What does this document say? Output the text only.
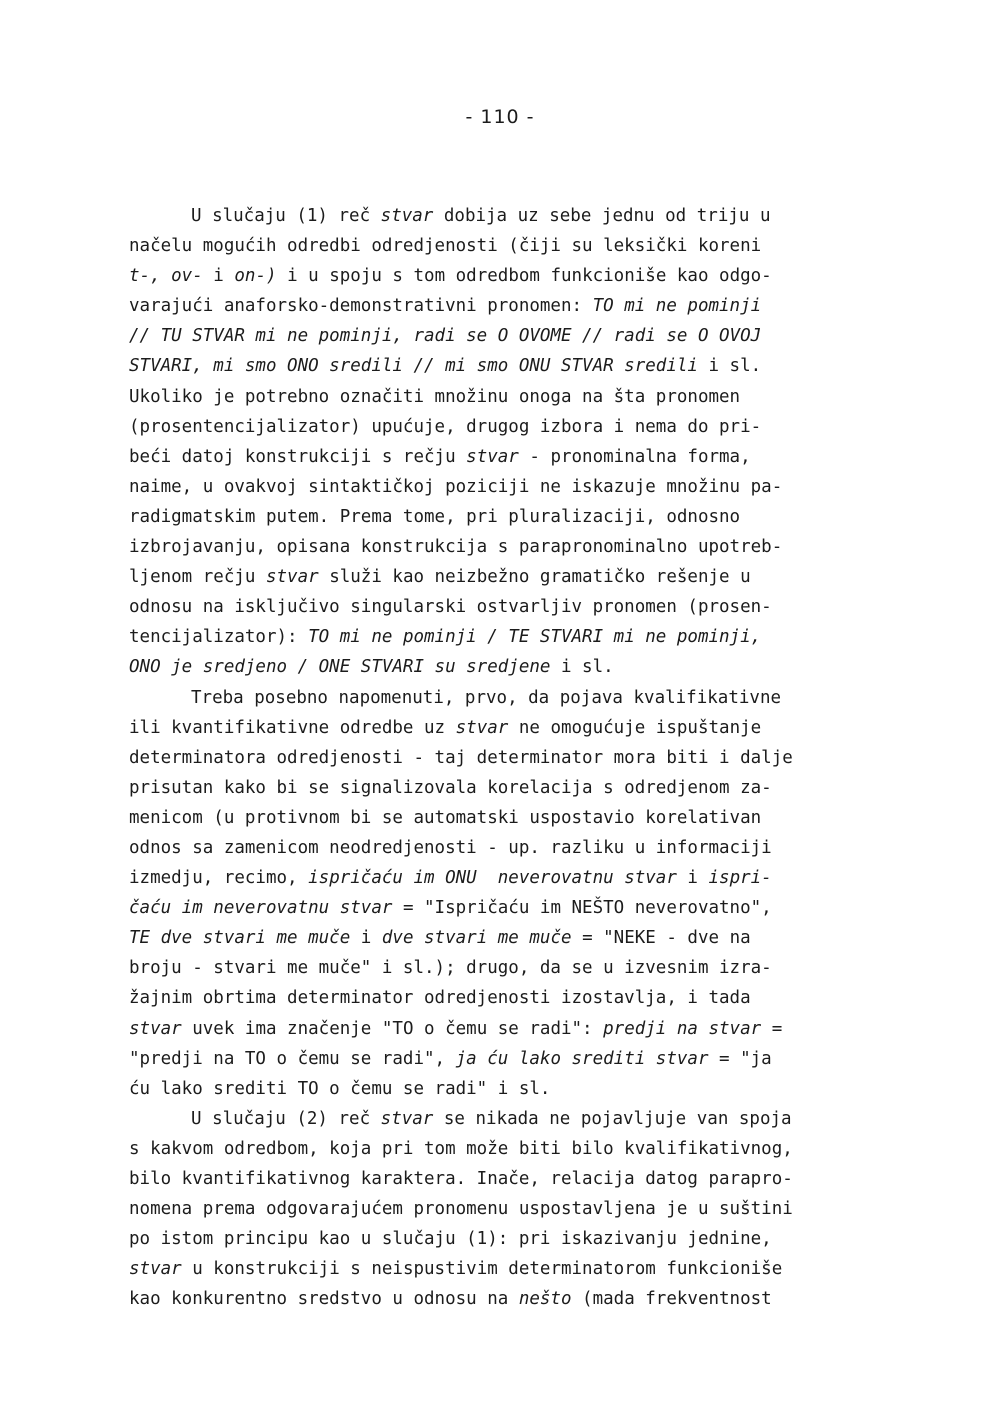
- 110 -
U slučaju (1) reč stvar dobija uz sebe jednu od triju u
načelu mogućih odredbi odredjenosti (čiji su leksički koreni
t-, ov- i on-) i u spoju s tom odredbom funkcioniše kao odgo-
varajući anaforsko-demonstrativni pronomen: TO mi ne pominji
// TU STVAR mi ne pominji, radi se O OVOME // radi se O OVOJ
STVARI, mi smo ONO sredili // mi smo ONU STVAR sredili i sl.
Ukoliko je potrebno označiti množinu onoga na šta pronomen
(prosentencijalizator) upućuje, drugog izbora i nema do pri-
beći datoj konstrukciji s rečju stvar - pronominalna forma,
naime, u ovakvoj sintaktičkoj poziciji ne iskazuje množinu pa-
radigmatskim putem. Prema tome, pri pluralizaciji, odnosno
izbrojavanju, opisana konstrukcija s parapronominalno upotreb-
ljenom rečju stvar služi kao neizbežno gramatičko rešenje u
odnosu na isključivo singularski ostvarljiv pronomen (prosen-
tencijalizator): TO mi ne pominji / TE STVARI mi ne pominji,
ONO je sredjeno / ONE STVARI su sredjene i sl.
Treba posebno napomenuti, prvo, da pojava kvalifikativne
ili kvantifikativne odredbe uz stvar ne omogućuje ispuštanje
determinatora odredjenosti - taj determinator mora biti i dalje
prisutan kako bi se signalizovala korelacija s odredjenom za-
menicom (u protivnom bi se automatski uspostavio korelativan
odnos sa zamenicom neodredjenosti - up. razliku u informaciji
izmedju, recimo, ispričaću im ONU  neverovatnu stvar i ispri-
čaću im neverovatnu stvar = "Ispričaću im NEŠTO neverovatno",
TE dve stvari me muče i dve stvari me muče = "NEKE - dve na
broju - stvari me muče" i sl.); drugo, da se u izvesnim izra-
žajnim obrtima determinator odredjenosti izostavlja, i tada
stvar uvek ima značenje "TO o čemu se radi": predji na stvar =
"predji na TO o čemu se radi", ja ću lako srediti stvar = "ja
ću lako srediti TO o čemu se radi" i sl.
U slučaju (2) reč stvar se nikada ne pojavljuje van spoja
s kakvom odredbom, koja pri tom može biti bilo kvalifikativnog,
bilo kvantifikativnog karaktera. Inače, relacija datog parapro-
nomena prema odgovarajućem pronomenu uspostavljena je u suštini
po istom principu kao u slučaju (1): pri iskazivanju jednine,
stvar u konstrukciji s neispustivim determinatorom funkcioniše
kao konkurentno sredstvo u odnosu na nešto (mada frekventnost
